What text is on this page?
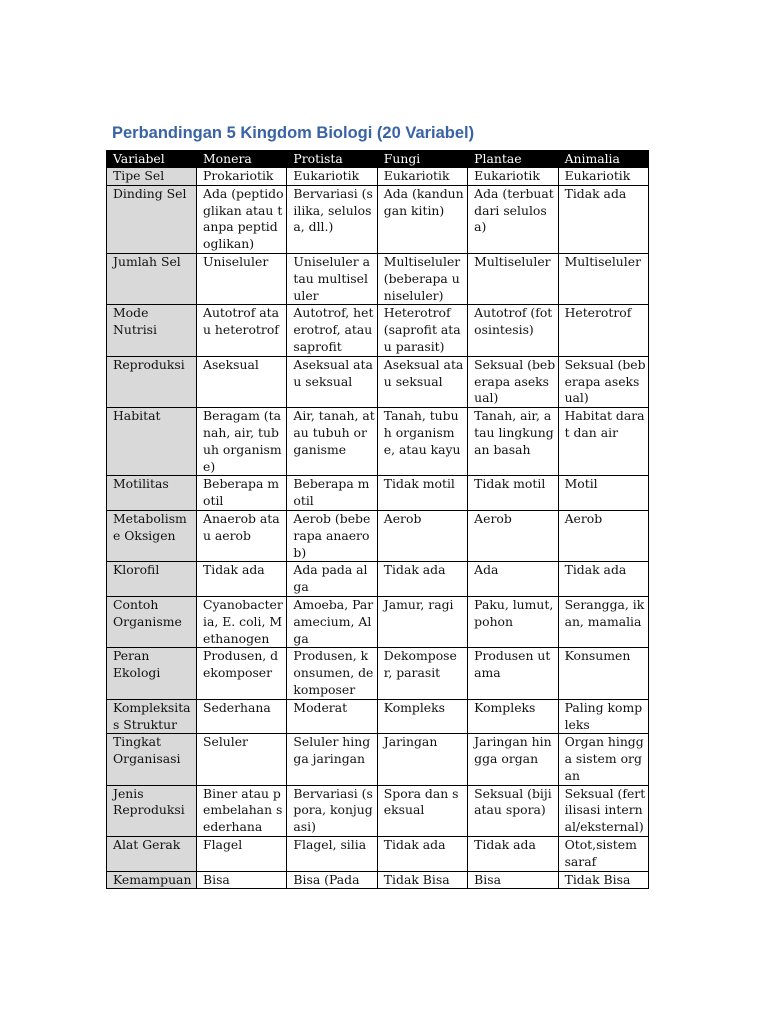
Perbandingan 5 Kingdom Biologi (20 Variabel)
Variabel	Monera	Protista	Fungi	Plantae	Animalia
Tipe Sel	Prokariotik	Eukariotik	Eukariotik	Eukariotik	Eukariotik
Dinding Sel	Ada (peptidoglikan atau tanpa peptidoglikan)	Bervariasi (silika, selulosa, dll.)	Ada (kandungan kitin)	Ada (terbuat dari selulosa)	Tidak ada
Jumlah Sel	Uniseluler	Uniseluler atau multiseluler	Multiseluler (beberapa uniseluler)	Multiseluler	Multiseluler
Mode Nutrisi	Autotrof atau heterotrof	Autotrof, heterotrof, atau saprofit	Heterotrof (saprofit atau parasit)	Autotrof (fotosintesis)	Heterotrof
Reproduksi	Aseksual	Aseksual atau seksual	Aseksual atau seksual	Seksual (beberapa aseksual)	Seksual (beberapa aseksual)
Habitat	Beragam (tanah, air, tubuh organisme)	Air, tanah, atau tubuh organisme	Tanah, tubuh organisme, atau kayu	Tanah, air, atau lingkungan basah	Habitat darat dan air
Motilitas	Beberapa motil	Beberapa motil	Tidak motil	Tidak motil	Motil
Metabolisme Oksigen	Anaerob atau aerob	Aerob (beberapa anaerob)	Aerob	Aerob	Aerob
Klorofil	Tidak ada	Ada pada alga	Tidak ada	Ada	Tidak ada
Contoh Organisme	Cyanobacteria, E. coli, Methanogen	Amoeba, Paramecium, Alga	Jamur, ragi	Paku, lumut, pohon	Serangga, ikan, mamalia
Peran Ekologi	Produsen, dekomposer	Produsen, konsumen, dekomposer	Dekomposer, parasit	Produsen utama	Konsumen
Kompleksitas Struktur	Sederhana	Moderat	Kompleks	Kompleks	Paling kompleks
Tingkat Organisasi	Seluler	Seluler hingga jaringan	Jaringan	Jaringan hingga organ	Organ hingga sistem organ
Jenis Reproduksi	Biner atau pembelahan sederhana	Bervariasi (spora, konjugasi)	Spora dan seksual	Seksual (biji atau spora)	Seksual (fertilisasi internal/eksternal)
Alat Gerak	Flagel	Flagel, silia	Tidak ada	Tidak ada	Otot,sistem saraf
Kemampuan	Bisa	Bisa (Pada	Tidak Bisa	Bisa	Tidak Bisa
